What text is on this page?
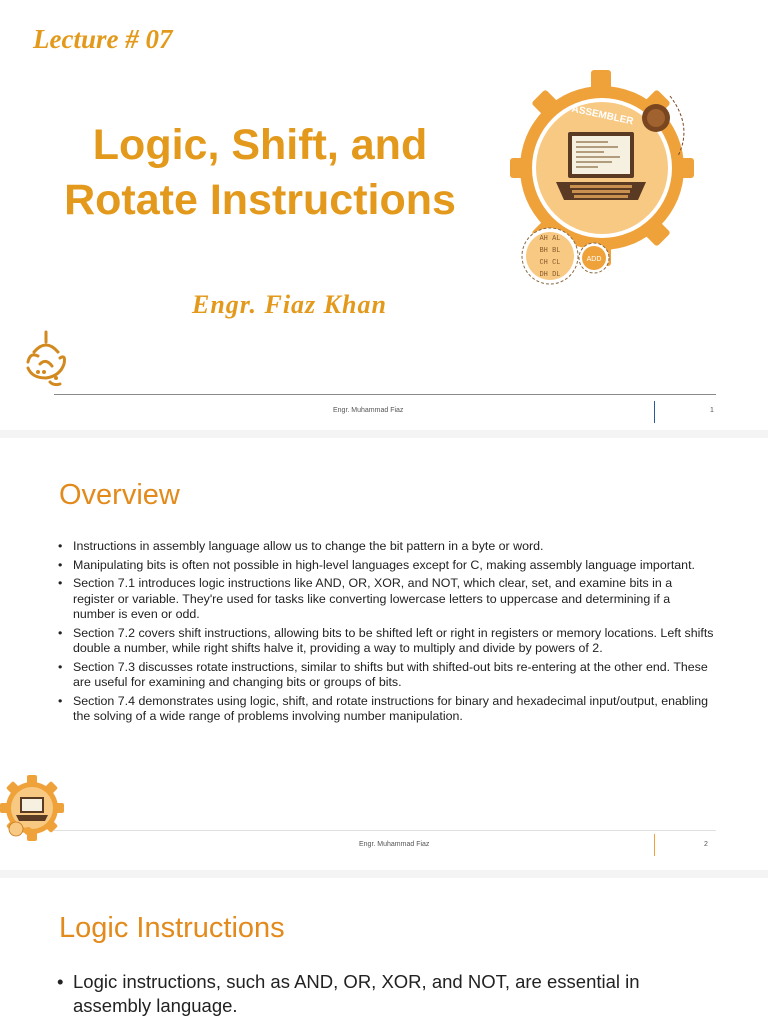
Lecture # 07
Logic, Shift, and
Rotate Instructions
Engr. Fiaz Khan
ASSEMBLER
AH AL
BH BL
CH CL
DH DL
ADD
Engr. Muhammad Fiaz	1
Overview
• Instructions in assembly language allow us to change the bit pattern in a byte or word.
• Manipulating bits is often not possible in high-level languages except for C, making assembly language important.
• Section 7.1 introduces logic instructions like AND, OR, XOR, and NOT, which clear, set, and examine bits in a register or variable. They're used for tasks like converting lowercase letters to uppercase and determining if a number is even or odd.
• Section 7.2 covers shift instructions, allowing bits to be shifted left or right in registers or memory locations. Left shifts double a number, while right shifts halve it, providing a way to multiply and divide by powers of 2.
• Section 7.3 discusses rotate instructions, similar to shifts but with shifted-out bits re-entering at the other end. These are useful for examining and changing bits or groups of bits.
• Section 7.4 demonstrates using logic, shift, and rotate instructions for binary and hexadecimal input/output, enabling the solving of a wide range of problems involving number manipulation.
Engr. Muhammad Fiaz	2
Logic Instructions
• Logic instructions, such as AND, OR, XOR, and NOT, are essential in assembly language.
